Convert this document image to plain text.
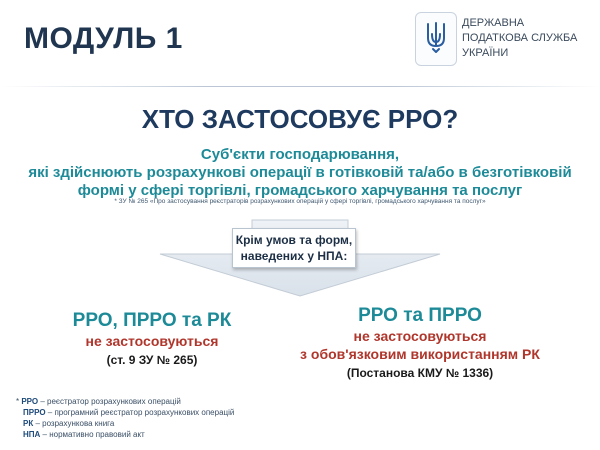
МОДУЛЬ 1	ДЕРЖАВНА
ПОДАТКОВА СЛУЖБА
УКРАЇНИ
ХТО ЗАСТОСОВУЄ РРО?
Суб'єкти господарювання,
які здійснюють розрахункові операції в готівковій та/або в безготівковій
формі у сфері торгівлі, громадського харчування та послуг
* ЗУ № 265 «Про застосування реєстраторів розрахункових операцій у сфері торгівлі, громадського харчування та послуг»
Крім умов та форм,
наведених у НПА:
РРО, ПРРО та РК
не застосовуються
(ст. 9 ЗУ № 265)
РРО та ПРРО
не застосовуються
з обов'язковим використанням РК
(Постанова КМУ № 1336)
* РРО – реєстратор розрахункових операцій
ПРРО – програмний реєстратор розрахункових операцій
РК – розрахункова книга
НПА – нормативно правовий акт
